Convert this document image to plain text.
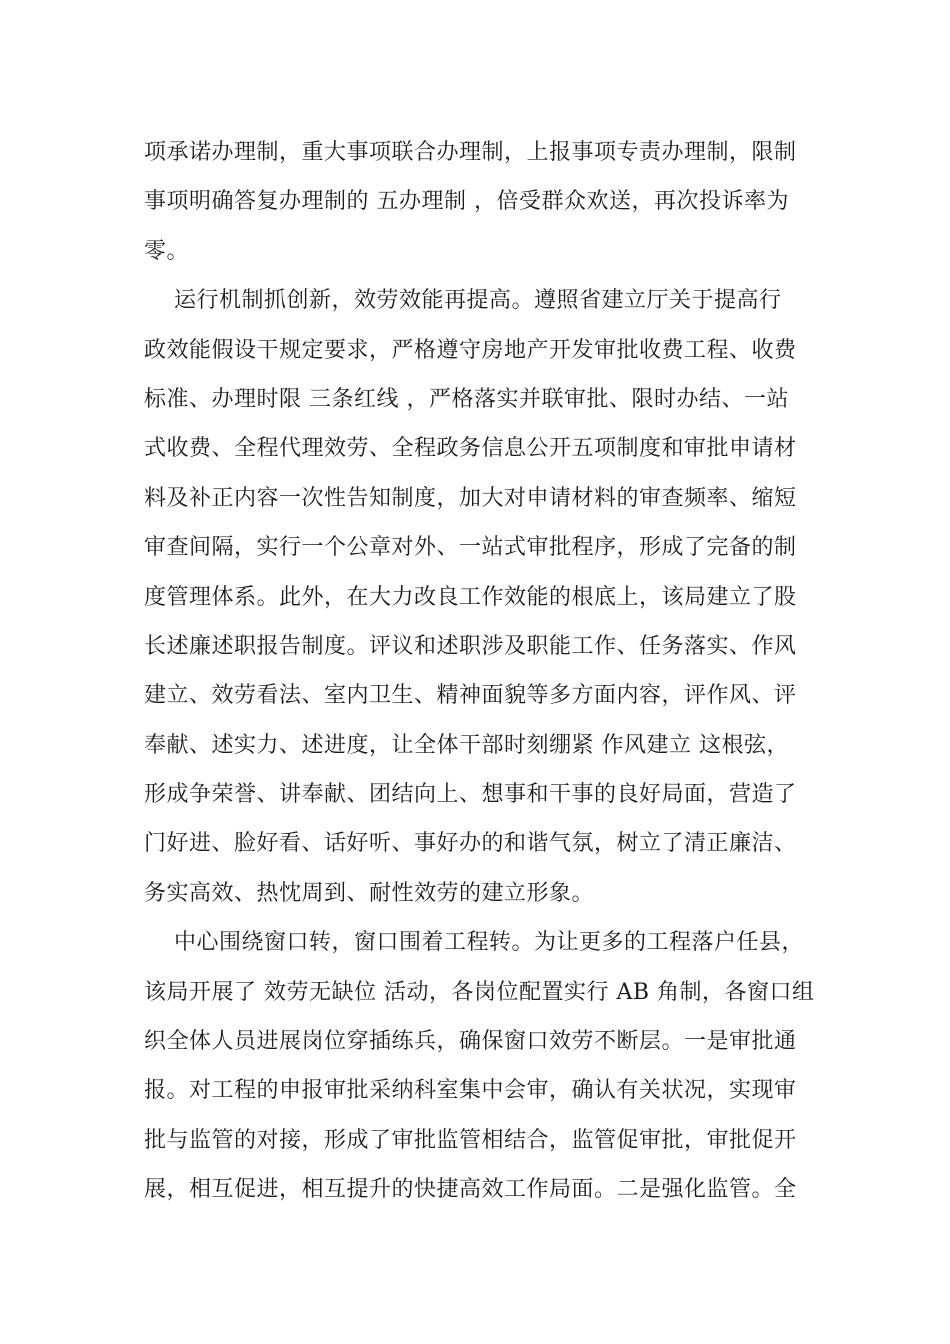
项承诺办理制，重大事项联合办理制，上报事项专责办理制，限制
事项明确答复办理制的 五办理制 ，倍受群众欢送，再次投诉率为
零。
运行机制抓创新，效劳效能再提高。遵照省建立厅关于提高行
政效能假设干规定要求，严格遵守房地产开发审批收费工程、收费
标准、办理时限 三条红线 ，严格落实并联审批、限时办结、一站
式收费、全程代理效劳、全程政务信息公开五项制度和审批申请材
料及补正内容一次性告知制度，加大对申请材料的审查频率、缩短
审查间隔，实行一个公章对外、一站式审批程序，形成了完备的制
度管理体系。此外，在大力改良工作效能的根底上，该局建立了股
长述廉述职报告制度。评议和述职涉及职能工作、任务落实、作风
建立、效劳看法、室内卫生、精神面貌等多方面内容，评作风、评
奉献、述实力、述进度，让全体干部时刻绷紧 作风建立 这根弦，
形成争荣誉、讲奉献、团结向上、想事和干事的良好局面，营造了
门好进、脸好看、话好听、事好办的和谐气氛，树立了清正廉洁、
务实高效、热忱周到、耐性效劳的建立形象。
中心围绕窗口转，窗口围着工程转。为让更多的工程落户任县，
该局开展了 效劳无缺位 活动，各岗位配置实行 AB 角制，各窗口组
织全体人员进展岗位穿插练兵，确保窗口效劳不断层。一是审批通
报。对工程的申报审批采纳科室集中会审，确认有关状况，实现审
批与监管的对接，形成了审批监管相结合，监管促审批，审批促开
展，相互促进，相互提升的快捷高效工作局面。二是强化监管。全
